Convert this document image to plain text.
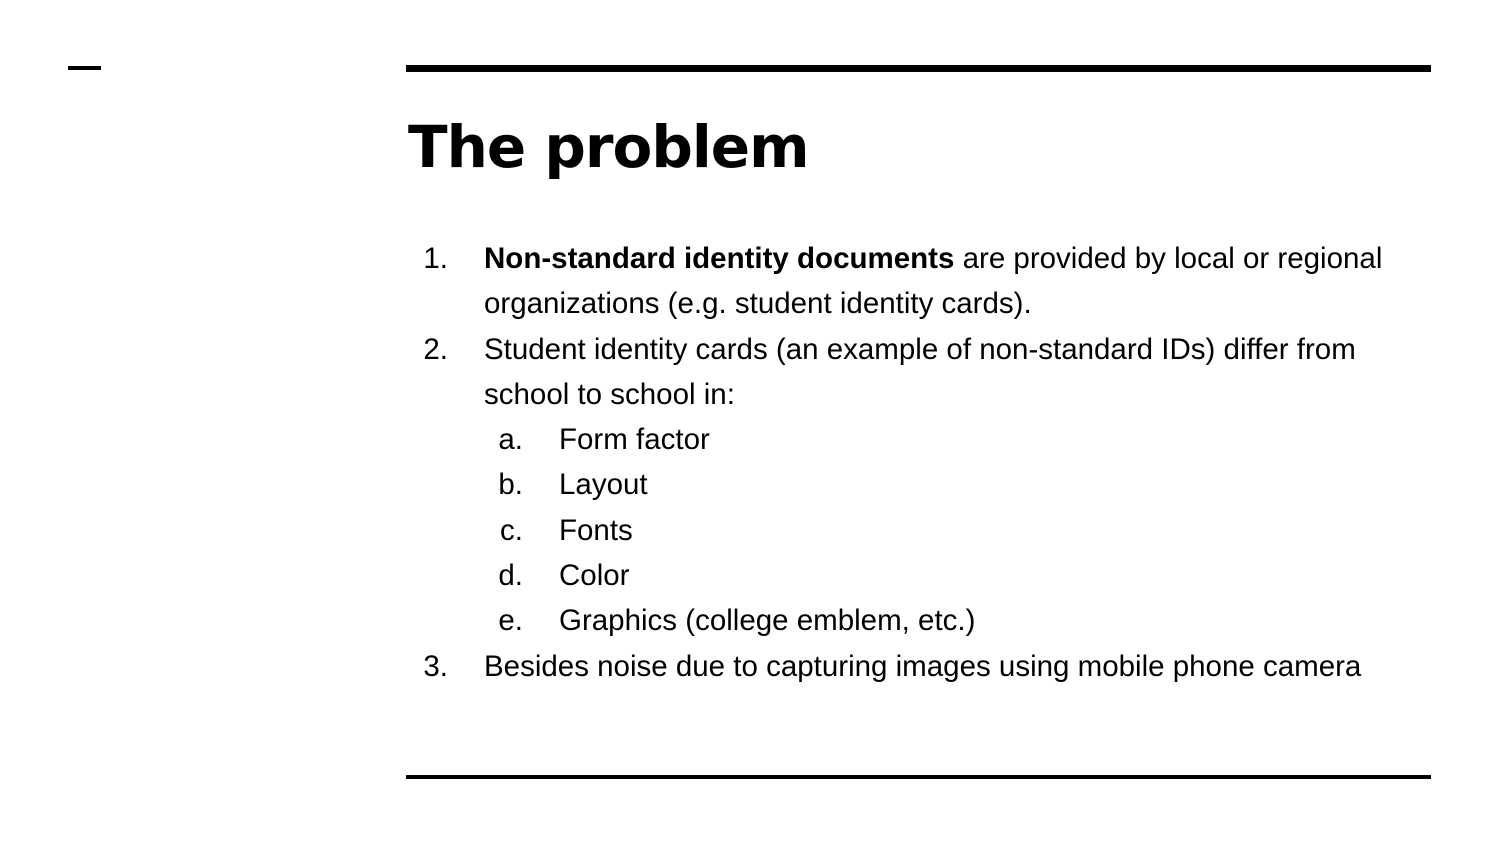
The problem
1. Non-standard identity documents are provided by local or regional organizations (e.g. student identity cards).
2. Student identity cards (an example of non-standard IDs) differ from school to school in:
a. Form factor
b. Layout
c. Fonts
d. Color
e. Graphics (college emblem, etc.)
3. Besides noise due to capturing images using mobile phone camera
